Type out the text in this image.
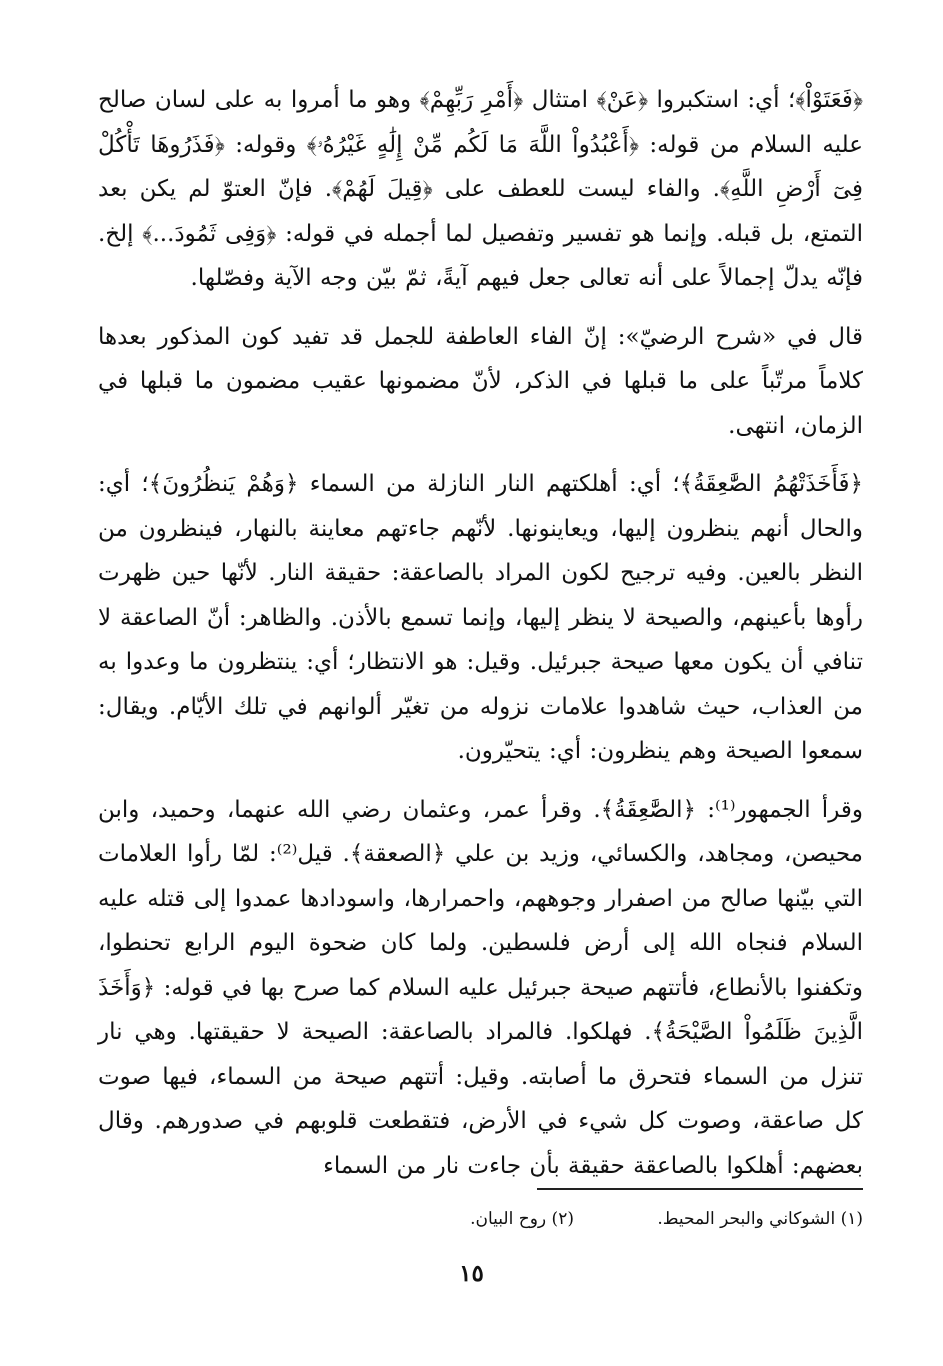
﴿فَعَتَوْاْ﴾؛ أي: استكبروا ﴿عَنْ﴾ امتثال ﴿أَمْرِ رَبِّهِمْ﴾ وهو ما أمروا به على لسان صالح عليه السلام من قوله: ﴿أَعْبُدُواْ اللَّهَ مَا لَكُم مِّنْ إِلَٰهٍ غَيْرُهُۥ﴾ وقوله: ﴿فَذَرُوهَا تَأْكُلْ فِىٓ أَرْضِ اللَّهِ﴾. والفاء ليست للعطف على ﴿قِيلَ لَهُمْ﴾. فإنّ العتوّ لم يكن بعد التمتع، بل قبله. وإنما هو تفسير وتفصيل لما أجمله في قوله: ﴿وَفِى ثَمُودَ...﴾ إلخ. فإنّه يدلّ إجمالاً على أنه تعالى جعل فيهم آيةً، ثمّ بيّن وجه الآية وفصّلها.

قال في «شرح الرضيّ»: إنّ الفاء العاطفة للجمل قد تفيد كون المذكور بعدها كلاماً مرتّباً على ما قبلها في الذكر، لأنّ مضمونها عقيب مضمون ما قبلها في الزمان، انتهى.

﴿فَأَخَذَتْهُمُ الصَّٰعِقَةُ﴾؛ أي: أهلكتهم النار النازلة من السماء ﴿وَهُمْ يَنظُرُونَ﴾؛ أي: والحال أنهم ينظرون إليها، ويعاينونها. لأنّهم جاءتهم معاينة بالنهار، فينظرون من النظر بالعين. وفيه ترجيح لكون المراد بالصاعقة: حقيقة النار. لأنّها حين ظهرت رأوها بأعينهم، والصيحة لا ينظر إليها، وإنما تسمع بالأذن. والظاهر: أنّ الصاعقة لا تنافي أن يكون معها صيحة جبرئيل. وقيل: هو الانتظار؛ أي: ينتظرون ما وعدوا به من العذاب، حيث شاهدوا علامات نزوله من تغيّر ألوانهم في تلك الأيّام. ويقال: سمعوا الصيحة وهم ينظرون: أي: يتحيّرون.

وقرأ الجمهور⁽¹⁾: ﴿الصَّٰعِقَةُ﴾. وقرأ عمر، وعثمان رضي الله عنهما، وحميد، وابن محيصن، ومجاهد، والكسائي، وزيد بن علي ﴿الصعقة﴾. قيل⁽²⁾: لمّا رأوا العلامات التي بيّنها صالح من اصفرار وجوههم، واحمرارها، واسودادها عمدوا إلى قتله عليه السلام فنجاه الله إلى أرض فلسطين. ولما كان ضحوة اليوم الرابع تحنطوا، وتكفنوا بالأنطاع، فأتتهم صيحة جبرئيل عليه السلام كما صرح بها في قوله: ﴿وَأَخَذَ الَّذِينَ ظَلَمُواْ الصَّيْحَةُ﴾. فهلكوا. فالمراد بالصاعقة: الصيحة لا حقيقتها. وهي نار تنزل من السماء فتحرق ما أصابته. وقيل: أتتهم صيحة من السماء، فيها صوت كل صاعقة، وصوت كل شيء في الأرض، فتقطعت قلوبهم في صدورهم. وقال بعضهم: أهلكوا بالصاعقة حقيقة بأن جاءت نار من السماء

(١) الشوكاني والبحر المحيط. (٢) روح البيان.
١٥
